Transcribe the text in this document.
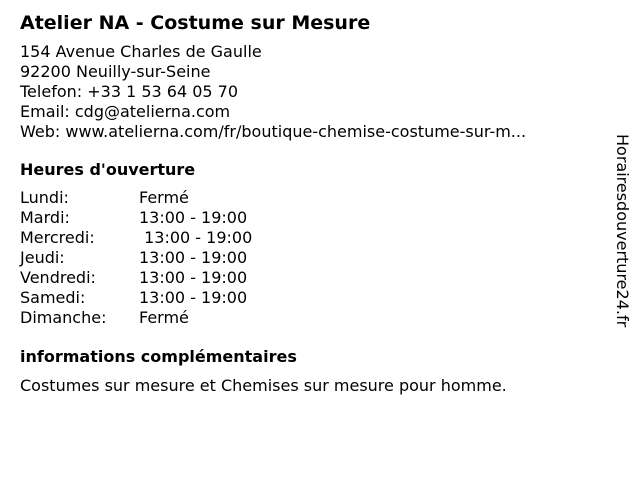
Atelier NA - Costume sur Mesure
154 Avenue Charles de Gaulle
92200 Neuilly-sur-Seine
Telefon: +33 1 53 64 05 70
Email: cdg@atelierna.com
Web: www.atelierna.com/fr/boutique-chemise-costume-sur-m...
Heures d'ouverture
Lundi:	Fermé
Mardi:	13:00 - 19:00
Mercredi:	13:00 - 19:00
Jeudi:	13:00 - 19:00
Vendredi:	13:00 - 19:00
Samedi:	13:00 - 19:00
Dimanche:	Fermé
informations complémentaires
Costumes sur mesure et Chemises sur mesure pour homme.
Horairesdouverture24.fr
